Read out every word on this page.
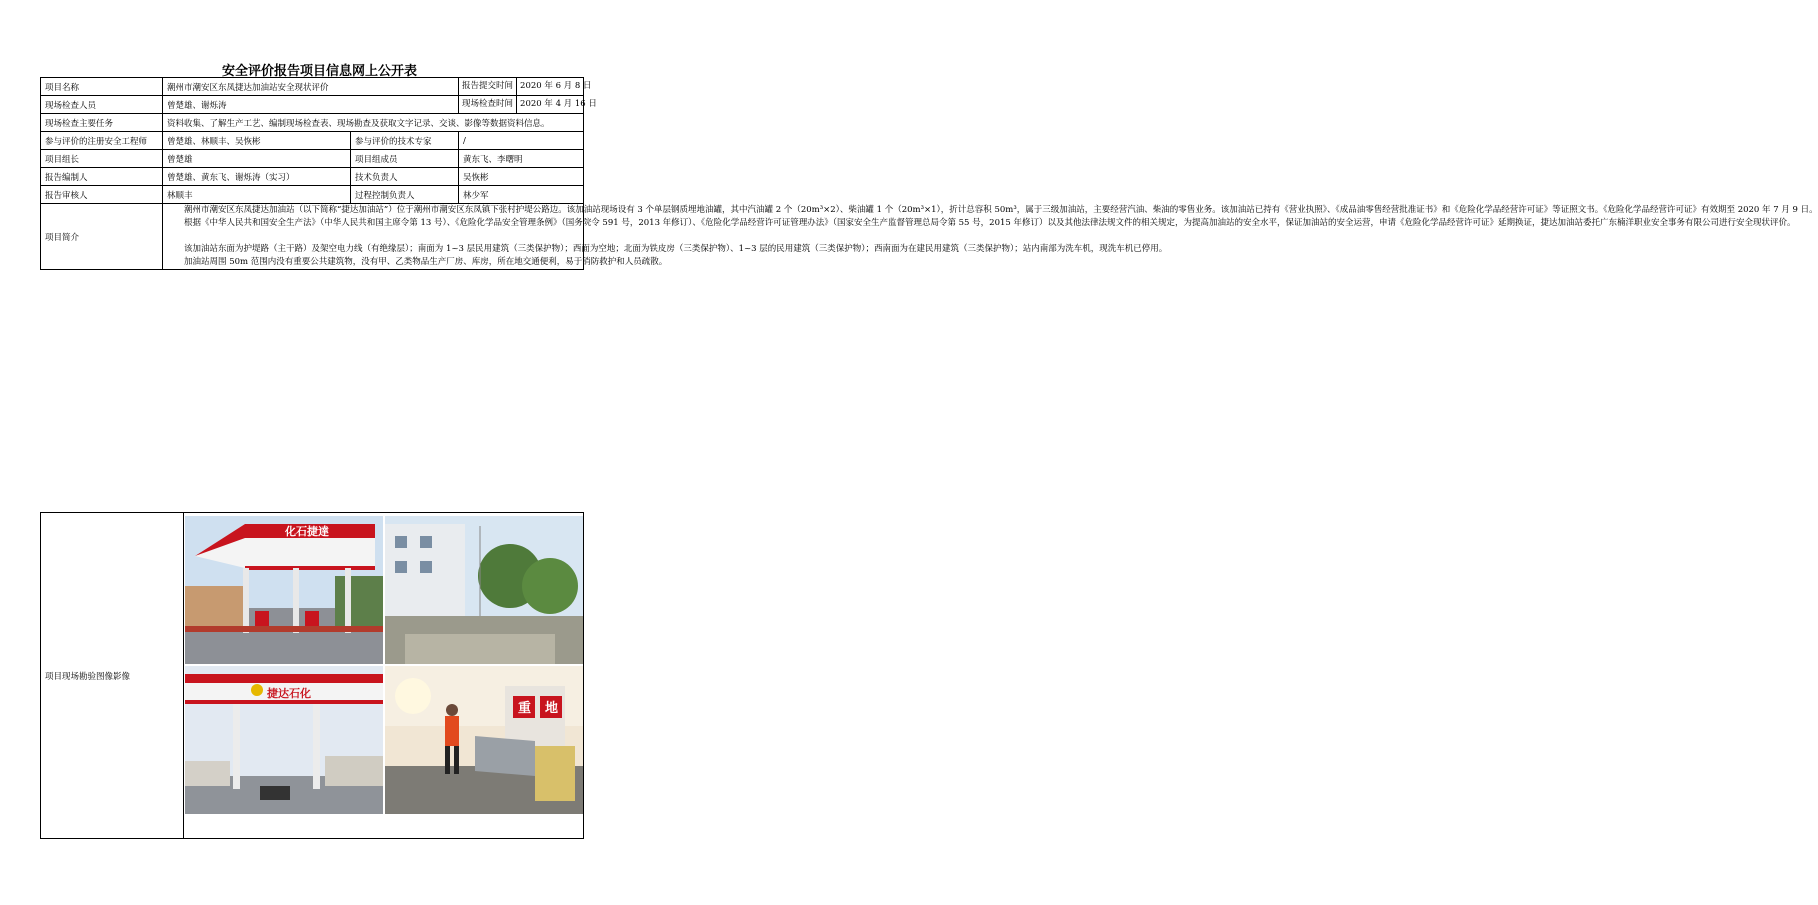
安全评价报告项目信息网上公开表
项目名称	潮州市潮安区东凤捷达加油站安全现状评价		报告提交时间 2020 年 6 月 8 日

现场检查人员	曾楚雄、谢烁涛		现场检查时间 2020 年 4 月 16 日

现场检查主要任务	资料收集、了解生产工艺、编制现场检查表、现场勘查及获取文字记录、交谈、影像等数据资料信息。		
参与评价的注册安全工程师	曾楚雄、林顺丰、吴恢彬	参与评价的技术专家	/
项目组长	曾楚雄	项目组成员	黄东飞、李曙明
报告编制人	曾楚雄、黄东飞、谢烁涛（实习）	技术负责人	吴恢彬
报告审核人	林顺丰	过程控制负责人	林少军
项目简介	潮州市潮安区东凤捷达加油站（以下简称“捷达加油站”）位于潮州市潮安区东凤镇下张村护堤公路边。该加油站现场设有 3 个单层钢质埋地油罐，其中汽油罐 2 个（20m³×2）、柴油罐 1 个（20m³×1），折计总容积 50m³，属于三级加油站，主要经营汽油、柴油的零售业务。该加油站已持有《营业执照》、《成品油零售经营批准证书》和《危险化学品经营许可证》等证照文书。《危险化学品经营许可证》有效期至 2020 年 7 月 9 日。

根据《中华人民共和国安全生产法》（中华人民共和国主席令第 13 号）、《危险化学品安全管理条例》（国务院令 591 号，2013 年修订）、《危险化学品经营许可证管理办法》（国家安全生产监督管理总局令第 55 号，2015 年修订）以及其他法律法规文件的相关规定，为提高加油站的安全水平，保证加油站的安全运营，申请《危险化学品经营许可证》延期换证，捷达加油站委托广东楠洋职业安全事务有限公司进行安全现状评价。

该加油站东面为护堤路（主干路）及架空电力线（有绝缘层）；南面为 1~3 层民用建筑（三类保护物）；西面为空地；北面为铁皮房（三类保护物）、1~3 层的民用建筑（三类保护物）；西南面为在建民用建筑（三类保护物）；站内南部为洗车机，现洗车机已停用。

加油站周围 50m 范围内没有重要公共建筑物，没有甲、乙类物品生产厂房、库房，所在地交通便利，易于消防救护和人员疏散。		

项目现场勘验图像影像	
化石捷達
捷达石化
重 地
